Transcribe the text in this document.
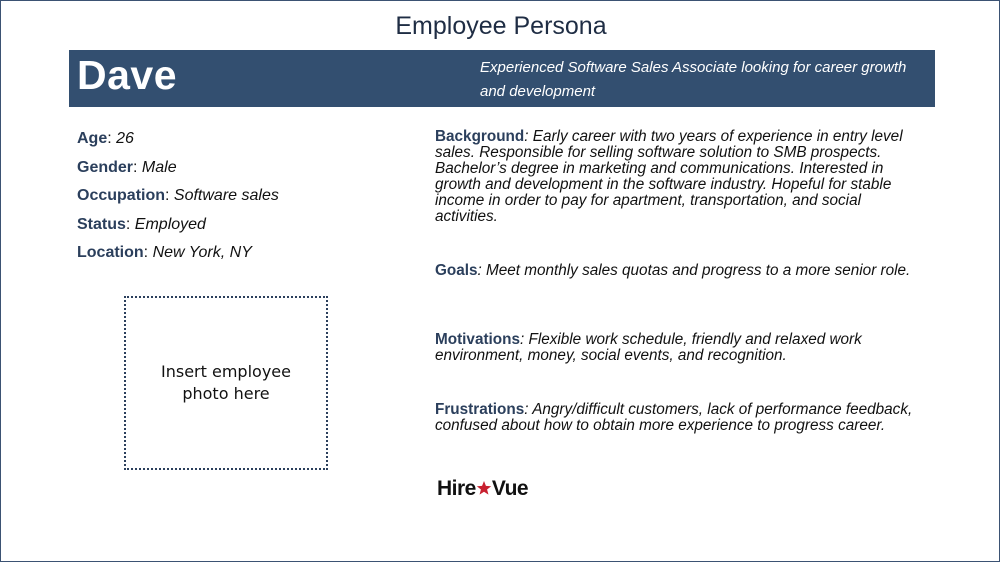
Employee Persona
Dave	Experienced Software Sales Associate looking for career growth and development
Age: 26
Gender: Male
Occupation: Software sales
Status: Employed
Location: New York, NY
Insert employee photo here
Background: Early career with two years of experience in entry level sales. Responsible for selling software solution to SMB prospects. Bachelor’s degree in marketing and communications. Interested in growth and development in the software industry. Hopeful for stable income in order to pay for apartment, transportation, and social activities.
Goals: Meet monthly sales quotas and progress to a more senior role.
Motivations: Flexible work schedule, friendly and relaxed work environment, money, social events, and recognition.
Frustrations: Angry/difficult customers, lack of performance feedback, confused about how to obtain more experience to progress career.
Hire Vue
